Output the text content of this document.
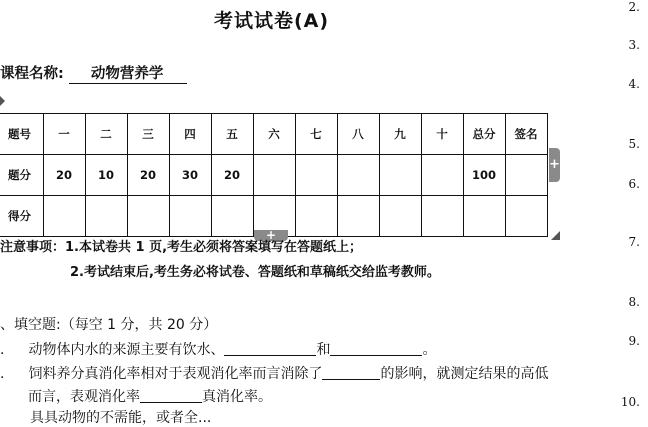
考试试卷(A)
课程名称: 动物营养学
题号	一	二	三	四	五	六	七	八	九	十	总分	签名
题分	20	10	20	30	20						100	
得分												
+
+
注意事项：1.本试卷共 1 页,考生必须将答案填写在答题纸上；
2.考试结束后,考生务必将试卷、答题纸和草稿纸交给监考教师。
、填空题:（每空 1 分，共 20 分）
. 动物体内水的来源主要有饮水、	和	。
. 饲料养分真消化率相对于表观消化率而言消除了	的影响，就测定结果的高低
而言，表观消化率	真消化率。
具具动物的不需能，或者全...
2.
3.
4.
5.
6.
7.
8.
9.
10.
